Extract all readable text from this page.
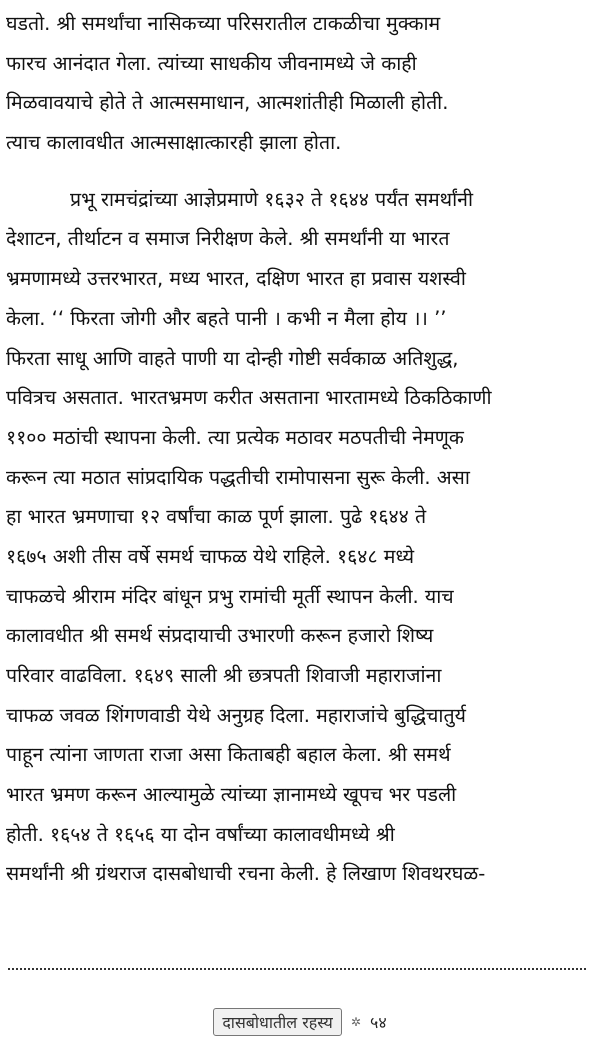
घडतो. श्री समर्थांचा नासिकच्या परिसरातील टाकळीचा मुक्काम
फारच आनंदात गेला. त्यांच्या साधकीय जीवनामध्ये जे काही
मिळवावयाचे होते ते आत्मसमाधान, आत्मशांतीही मिळाली होती.
त्याच कालावधीत आत्मसाक्षात्कारही झाला होता.
प्रभू रामचंद्रांच्या आज्ञेप्रमाणे १६३२ ते १६४४ पर्यंत समर्थांनी
देशाटन, तीर्थाटन व समाज निरीक्षण केले. श्री समर्थांनी या भारत
भ्रमणामध्ये उत्तरभारत, मध्य भारत, दक्षिण भारत हा प्रवास यशस्वी
केला. ‘‘ फिरता जोगी और बहते पानी । कभी न मैला होय ।। ’’
फिरता साधू आणि वाहते पाणी या दोन्ही गोष्टी सर्वकाळ अतिशुद्ध,
पवित्रच असतात. भारतभ्रमण करीत असताना भारतामध्ये ठिकठिकाणी
११०० मठांची स्थापना केली. त्या प्रत्येक मठावर मठपतीची नेमणूक
करून त्या मठात सांप्रदायिक पद्धतीची रामोपासना सुरू केली. असा
हा भारत भ्रमणाचा १२ वर्षांचा काळ पूर्ण झाला. पुढे १६४४ ते
१६७५ अशी तीस वर्षे समर्थ चाफळ येथे राहिले. १६४८ मध्ये
चाफळचे श्रीराम मंदिर बांधून प्रभु रामांची मूर्ती स्थापन केली. याच
कालावधीत श्री समर्थ संप्रदायाची उभारणी करून हजारो शिष्य
परिवार वाढविला. १६४९ साली श्री छत्रपती शिवाजी महाराजांना
चाफळ जवळ शिंगणवाडी येथे अनुग्रह दिला. महाराजांचे बुद्धिचातुर्य
पाहून त्यांना जाणता राजा असा किताबही बहाल केला. श्री समर्थ
भारत भ्रमण करून आल्यामुळे त्यांच्या ज्ञानामध्ये खूपच भर पडली
होती. १६५४ ते १६५६ या दोन वर्षांच्या कालावधीमध्ये श्री
समर्थांनी श्री ग्रंथराज दासबोधाची रचना केली. हे लिखाण शिवथरघळ-
दासबोधातील रहस्य ✲ ५४
